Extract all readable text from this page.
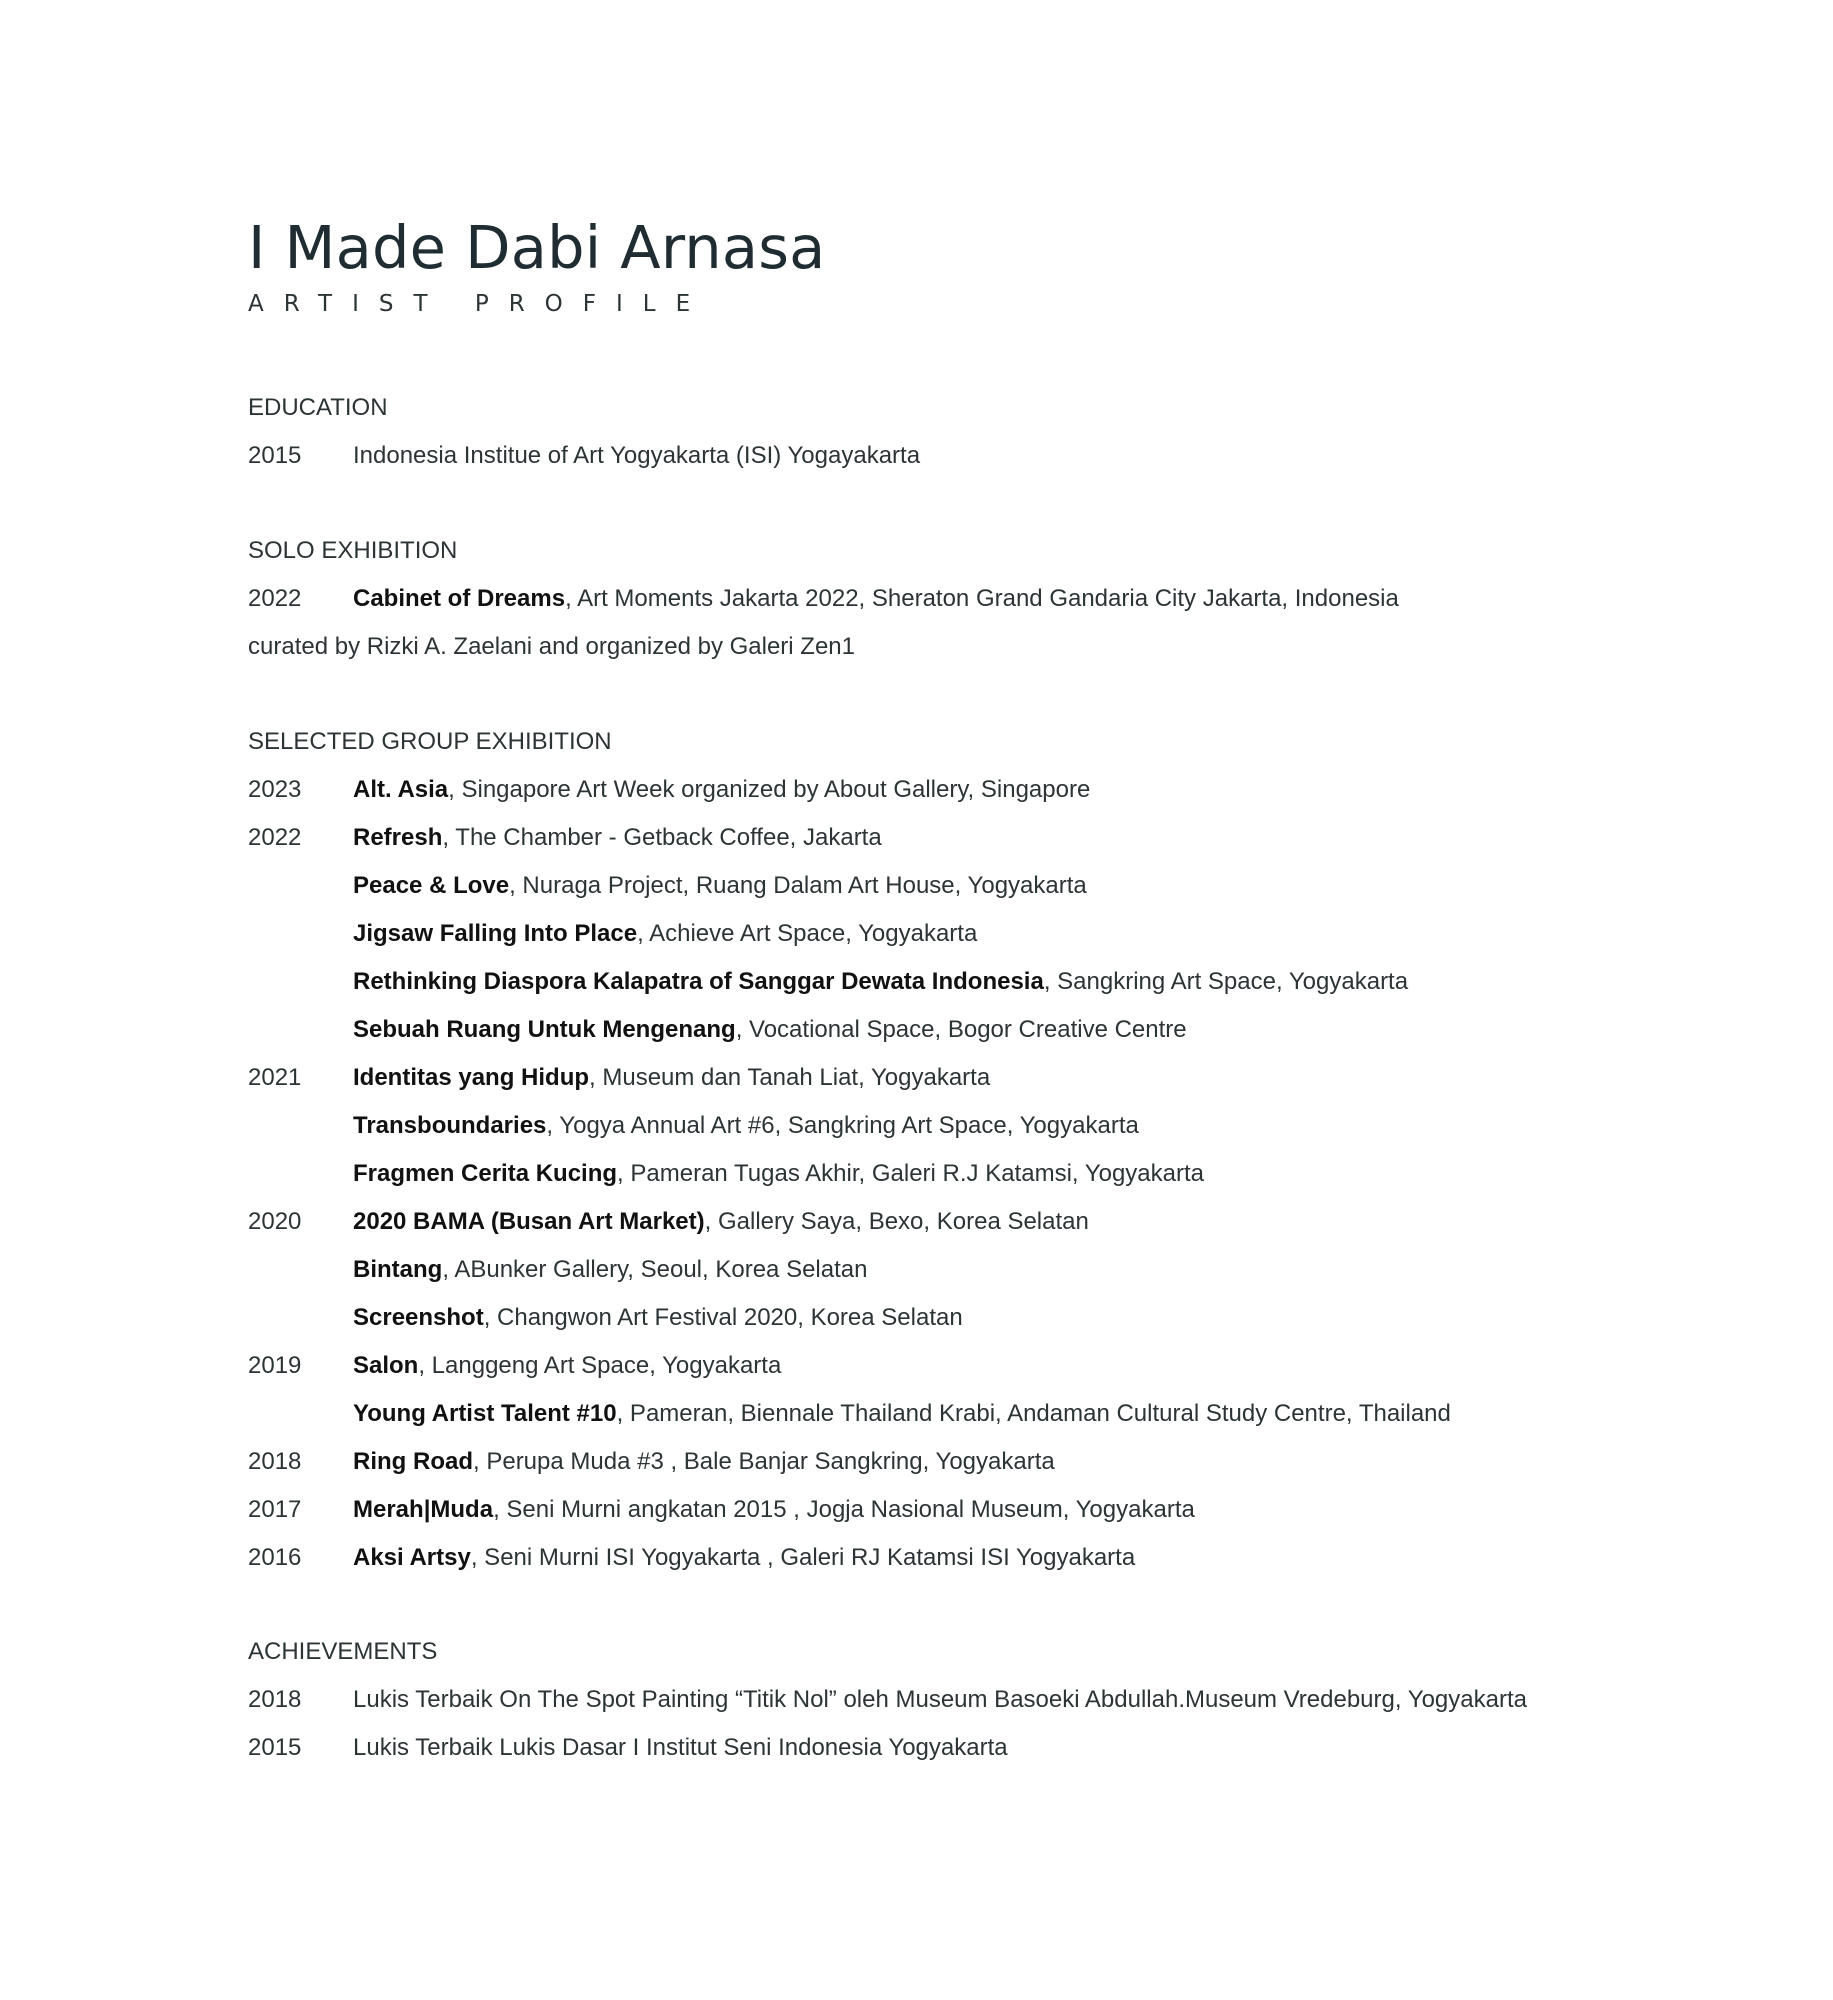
I Made Dabi Arnasa
ARTIST PROFILE
EDUCATION
2015	Indonesia Institue of Art Yogyakarta (ISI) Yogayakarta
SOLO EXHIBITION
2022	Cabinet of Dreams, Art Moments Jakarta 2022, Sheraton Grand Gandaria City Jakarta, Indonesia
curated by Rizki A. Zaelani and organized by Galeri Zen1
SELECTED GROUP EXHIBITION
2023	Alt. Asia, Singapore Art Week organized by About Gallery, Singapore
2022	Refresh, The Chamber - Getback Coffee, Jakarta
Peace & Love, Nuraga Project, Ruang Dalam Art House, Yogyakarta
Jigsaw Falling Into Place, Achieve Art Space, Yogyakarta
Rethinking Diaspora Kalapatra of Sanggar Dewata Indonesia, Sangkring Art Space, Yogyakarta
Sebuah Ruang Untuk Mengenang, Vocational Space, Bogor Creative Centre
2021	Identitas yang Hidup, Museum dan Tanah Liat, Yogyakarta
Transboundaries, Yogya Annual Art #6, Sangkring Art Space, Yogyakarta
Fragmen Cerita Kucing, Pameran Tugas Akhir, Galeri R.J Katamsi, Yogyakarta
2020	2020 BAMA (Busan Art Market), Gallery Saya, Bexo, Korea Selatan
Bintang, ABunker Gallery, Seoul, Korea Selatan
Screenshot, Changwon Art Festival 2020, Korea Selatan
2019	Salon, Langgeng Art Space, Yogyakarta
Young Artist Talent #10, Pameran, Biennale Thailand Krabi, Andaman Cultural Study Centre, Thailand
2018	Ring Road, Perupa Muda #3 , Bale Banjar Sangkring, Yogyakarta
2017	Merah|Muda, Seni Murni angkatan 2015 , Jogja Nasional Museum, Yogyakarta
2016	Aksi Artsy, Seni Murni ISI Yogyakarta , Galeri RJ Katamsi ISI Yogyakarta
ACHIEVEMENTS
2018	Lukis Terbaik On The Spot Painting “Titik Nol” oleh Museum Basoeki Abdullah.Museum Vredeburg, Yogyakarta
2015	Lukis Terbaik Lukis Dasar I Institut Seni Indonesia Yogyakarta
